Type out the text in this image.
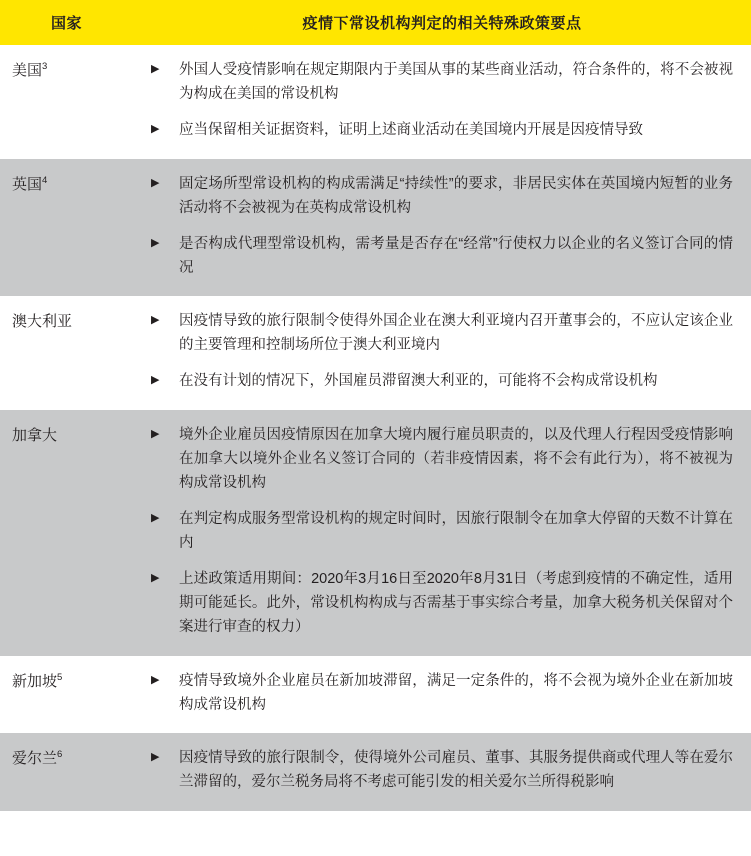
国家	疫情下常设机构判定的相关特殊政策要点
美国$^3$	▶	外国人受疫情影响在规定期限内于美国从事的某些商业活动，符合条件的，将不会被视为构成在美国的常设机构
▶	应当保留相关证据资料，证明上述商业活动在美国境内开展是因疫情导致

英国$^4$	▶	固定场所型常设机构的构成需满足“持续性”的要求，非居民实体在英国境内短暂的业务活动将不会被视为在英构成常设机构
▶	是否构成代理型常设机构，需考量是否存在“经常”行使权力以企业的名义签订合同的情况

澳大利亚	▶	因疫情导致的旅行限制令使得外国企业在澳大利亚境内召开董事会的，不应认定该企业的主要管理和控制场所位于澳大利亚境内
▶	在没有计划的情况下，外国雇员滞留澳大利亚的，可能将不会构成常设机构

加拿大	▶	境外企业雇员因疫情原因在加拿大境内履行雇员职责的，以及代理人行程因受疫情影响在加拿大以境外企业名义签订合同的（若非疫情因素，将不会有此行为），将不被视为构成常设机构
▶	在判定构成服务型常设机构的规定时间时，因旅行限制令在加拿大停留的天数不计算在内
▶	上述政策适用期间：2020年3月16日至2020年8月31日（考虑到疫情的不确定性，适用期可能延长。此外，常设机构构成与否需基于事实综合考量，加拿大税务机关保留对个案进行审查的权力）

新加坡$^5$	▶	疫情导致境外企业雇员在新加坡滞留，满足一定条件的，将不会视为境外企业在新加坡构成常设机构

爱尔兰$^6$	▶	因疫情导致的旅行限制令，使得境外公司雇员、董事、其服务提供商或代理人等在爱尔兰滞留的，爱尔兰税务局将不考虑可能引发的相关爱尔兰所得税影响
